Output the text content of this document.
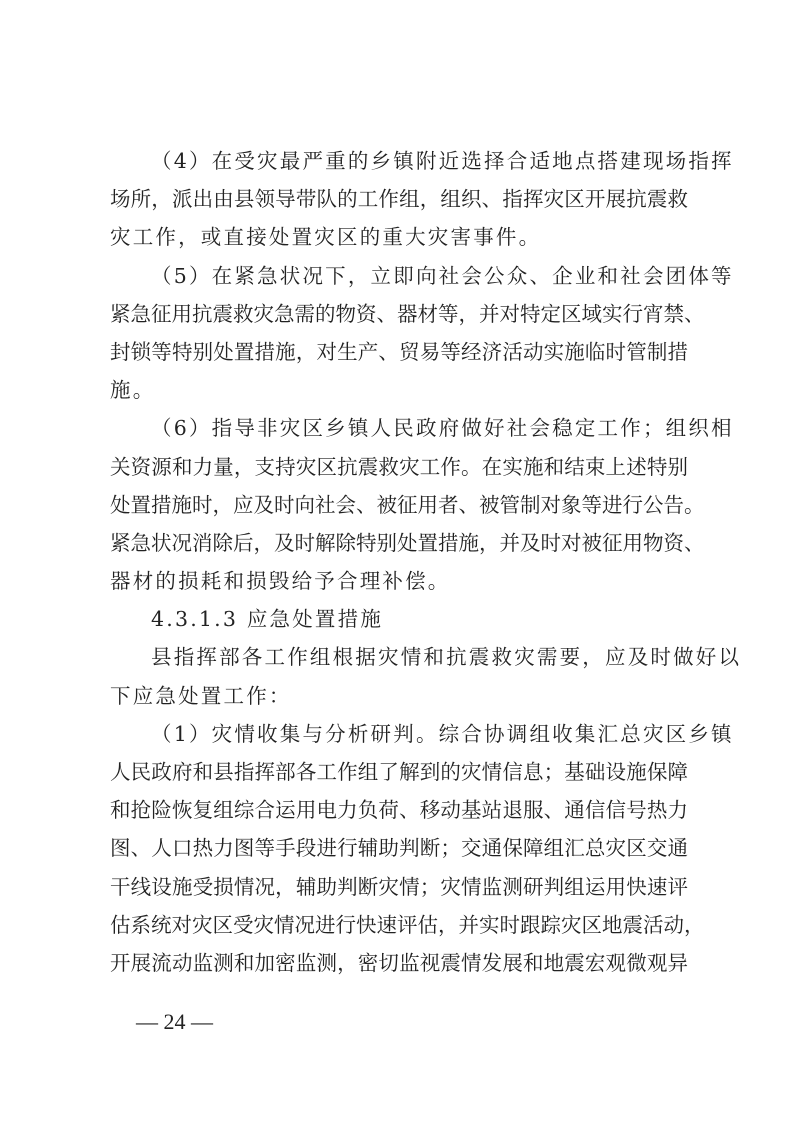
（4）在受灾最严重的乡镇附近选择合适地点搭建现场指挥
场所，派出由县领导带队的工作组，组织、指挥灾区开展抗震救
灾工作，或直接处置灾区的重大灾害事件。
（5）在紧急状况下，立即向社会公众、企业和社会团体等
紧急征用抗震救灾急需的物资、器材等，并对特定区域实行宵禁、
封锁等特别处置措施，对生产、贸易等经济活动实施临时管制措
施。
（6）指导非灾区乡镇人民政府做好社会稳定工作；组织相
关资源和力量，支持灾区抗震救灾工作。在实施和结束上述特别
处置措施时，应及时向社会、被征用者、被管制对象等进行公告。
紧急状况消除后，及时解除特别处置措施，并及时对被征用物资、
器材的损耗和损毁给予合理补偿。
4.3.1.3 应急处置措施
县指挥部各工作组根据灾情和抗震救灾需要，应及时做好以
下应急处置工作：
（1）灾情收集与分析研判。综合协调组收集汇总灾区乡镇
人民政府和县指挥部各工作组了解到的灾情信息；基础设施保障
和抢险恢复组综合运用电力负荷、移动基站退服、通信信号热力
图、人口热力图等手段进行辅助判断；交通保障组汇总灾区交通
干线设施受损情况，辅助判断灾情；灾情监测研判组运用快速评
估系统对灾区受灾情况进行快速评估，并实时跟踪灾区地震活动，
开展流动监测和加密监测，密切监视震情发展和地震宏观微观异
— 24 —
